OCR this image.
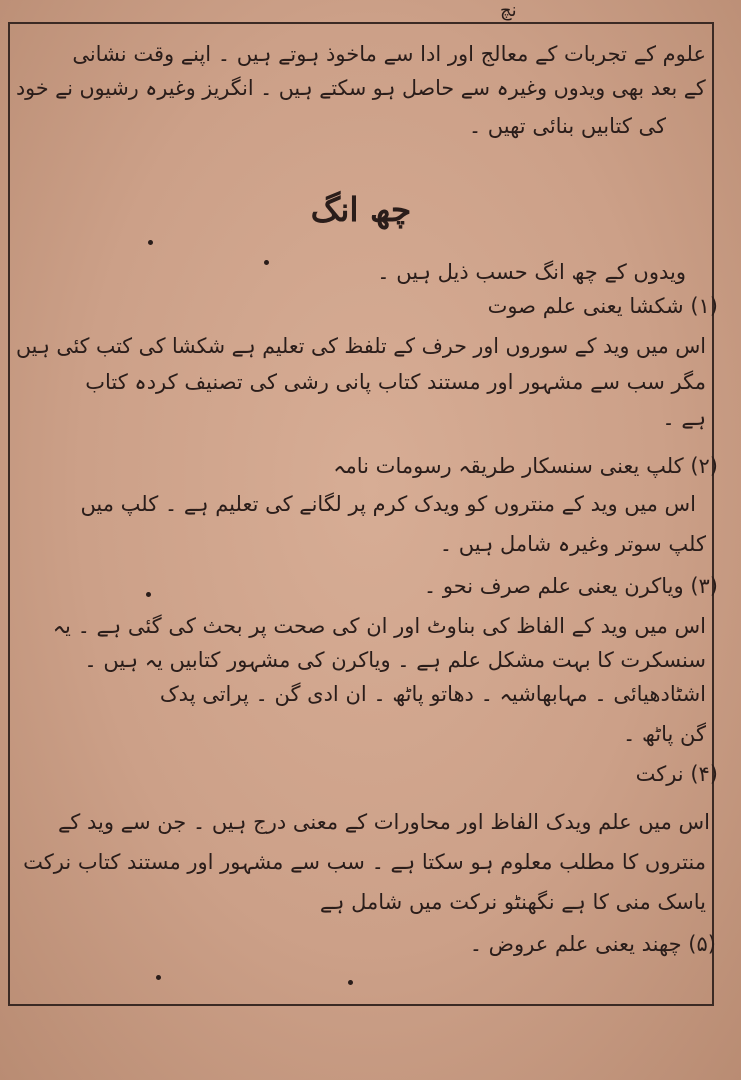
نچ
علوم کے تجربات کے معالج اور ادا سے ماخوذ ہوتے ہیں ۔ اپنے وقت نشانی
کے بعد بھی ویدوں وغیرہ سے حاصل ہو سکتے ہیں ۔ انگریز وغیرہ رشیوں نے خود
کی کتابیں بنائی تھیں ۔
چھ انگ
ویدوں کے چھ انگ حسب ذیل ہیں ۔
(۱) شکشا یعنی علم صوت
اس میں وید کے سوروں اور حرف کے تلفظ کی تعلیم ہے شکشا کی کتب کئی ہیں
مگر سب سے مشہور اور مستند کتاب پانی رشی کی تصنیف کردہ کتاب
ہے ۔
(۲) کلپ یعنی سنسکار طریقہ رسومات نامہ
اس میں وید کے منتروں کو ویدک کرم پر لگانے کی تعلیم ہے ۔ کلپ میں
کلپ سوتر وغیرہ شامل ہیں ۔
(۳) ویاکرن یعنی علم صرف نحو ۔
اس میں وید کے الفاظ کی بناوٹ اور ان کی صحت پر بحث کی گئی ہے ۔ یہ
سنسکرت کا بہت مشکل علم ہے ۔ ویاکرن کی مشہور کتابیں یہ ہیں ۔
اشٹادھیائی ۔ مہابھاشیہ ۔ دھاتو پاٹھ ۔ ان ادی گن ۔ پراتی پدک
گن پاٹھ ۔
(۴) نرکت
اس میں علم ویدک الفاظ اور محاورات کے معنی درج ہیں ۔ جن سے وید کے
منتروں کا مطلب معلوم ہو سکتا ہے ۔ سب سے مشہور اور مستند کتاب نرکت
یاسک منی کا ہے نگھنٹو نرکت میں شامل ہے
(۵) چھند یعنی علم عروض ۔
